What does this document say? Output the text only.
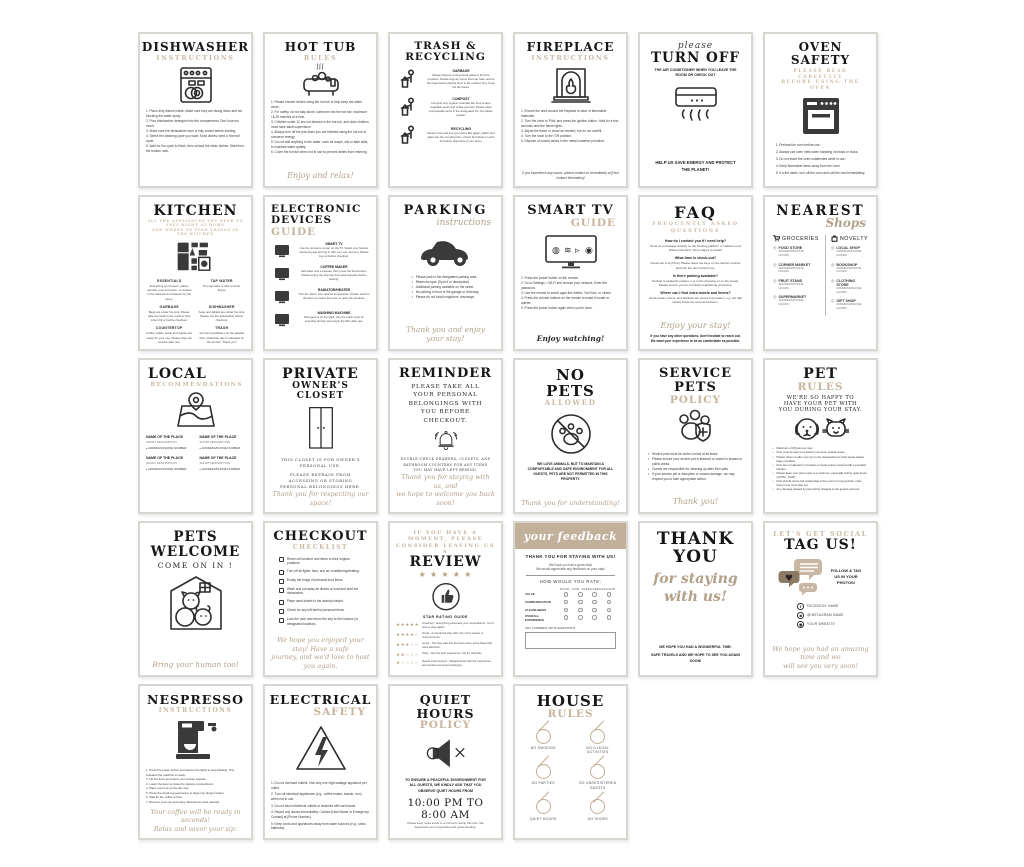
DISHWASHER
INSTRUCTIONS
1. Place dirty dishes inside. Make sure they are facing down and not blocking the water spray.
2. Pour dishwasher detergent into the compartment. Don't use too much.
3. Make sure the dishwasher door is fully closed before starting.
4. Select the cleaning cycle you want. Most dishes need a 'Normal' cycle.
5. Wait for the cycle to finish, then unload the clean dishes. Start from the bottom rack.
HOT TUB
RULES
∫∫∫
1. Please shower before using the hot tub to help keep the water clean.
2. For safety, do not stay alone; someone into the hot tub: maximum 15-20 minutes at a time.
3. Children under 12 are not allowed in the hot tub, and older children must have adult supervision.
4. Always turn off the jets when you are finished using the hot tub to conserve energy.
5. Do not add anything to the water, such as soaps, oils or bath salts, to maintain water quality.
6. Cover the hot tub when not in use to prevent debris from entering.
Enjoy and relax!
TRASH &
RECYCLING
GARBAGE

Please dispose of all general waste in the bins provided. Double-bag any items that may leak, and tie the bags before placing them in the outdoor bins. Keep the lid closed.

COMPOST

Compost only organic materials like food scraps, vegetable peels and coffee grounds. Please place compostable items in the designated bin. No plastic, please!

RECYCLING

Please rinse and sort your items like paper, plastic and glass into the recycling bins. Check the labels on each bin before disposing of your items.

FIREPLACE
INSTRUCTIONS
1. Ensure the area around the fireplace is clear of flammable materials.
2. Turn the knob to 'Pilot' and press the ignition button. Hold for a few seconds until the flame lights.
3. Adjust the flame or wood as needed, but do not overfill.
4. Turn the knob to the 'Off' position.
5. Dispose of cooled ashes in the metal container provided.
If you experience any issues, please contact us immediately at [Host Contact Information].
please
TURN OFF
THE AIR CONDITIONER WHEN YOU LEAVE THE ROOM OR CHECK OUT
HELP US SAVE ENERGY AND PROTECT THE PLANET!
OVEN SAFETY
PLEASE READ CAREFULLY
BEFORE USING THE OVEN
1. Preheat the oven before use.
2. Always use oven mitts when handling hot trays or racks.
3. Do not leave the oven unattended while in use.
4. Keep flammable items away from the oven.
5. If a fire starts, turn off the oven and call the host immediately.
KITCHEN
ALL THE APPLIANCES YOU NEED TO FEEL RIGHT AT HOME
AND WHERE TO FIND THINGS IN THE KITCHEN
ESSENTIALS

Everything you'll need - plates, utensils, pots and pans - is located in the cabinets and drawers by the stove.

TAP WATER

The tap water is safe to drink. Enjoy!

GARBAGE

Bags are under the sink. Please take the trash to the outdoor bins when full or before checkout.

DISHWASHER

Soap and tablets are under the sink. Please run the dishwasher before checkout.

COUNTERTOP

Coffee maker, kettle and toaster are ready for your use. Please wipe the counter after use.

TRASH

Sort all recyclables into the labeled bins. Collection day is indicated on the bin lids. Thank you!

ELECTRONIC
DEVICES
GUIDE
SMART TV

Use the remote to power on the TV. Select your favorite streaming app and log in with your own account. Please log out before checkout.

COFFEE MAKER

Add water and a capsule, then press the brew button. Please empty the drip tray and used capsules before leaving.

RADIATOR/HEATER

Turn the dial to your desired temperature. Please switch it off when you leave the room or open the windows.

WASHING MACHINE

Detergent is on the shelf. Use the quick cycle for everyday laundry and empty the filter after use.

PARKING
instructions
• Please park in the designated parking area.
• Reserved spot: [Spot # or description].
• Additional parking available on the street.
• No parking in front of the garage or driveway.
• Please do not block neighbors' driveways.
Thank you and enjoy
your stay!
SMART TV
GUIDE
◍ ≋ ▹ ◉
1. Press the power button on the remote.
2. Go to Settings > Wi-Fi and choose your network. Enter the password.
3. Use the remote to select apps like Netflix, YouTube, or others.
4. Press the volume buttons on the remote to make it louder or quieter.
5. Press the power button again when you're done.
Enjoy watching!
FAQ
FREQUENTLY ASKED QUESTIONS
How do I contact you if I need help?

Send us a message directly on the booking platform or call/text us at [Phone Number]. We're happy to assist!

What time is check-out?

Check-out is at [Time]. Please leave the keys on the kitchen counter and lock the door behind you.

Is there parking available?

Parking is located [Location, e.g. in the driveway or on the street]. Please ensure you do not block neighboring properties.

Where can I find extra towels and linens?

Extra towels, linens, and blankets are stored in [Location, e.g. the hall closet] inside the second bedroom.

Enjoy your stay!
If you have any other questions, don't hesitate to reach out. We want your experience to be as comfortable as possible.
NEAREST
Shops
GROCERIES
◎ FOOD STORE
ADDRESS/PHONE
HOURS
◎ CORNER MARKET
ADDRESS/PHONE
HOURS
◎ FRUIT STAND
ADDRESS/PHONE
HOURS
◎ SUPERMARKET
ADDRESS/PHONE
HOURS
NOVELTY
◎ LOCAL SHOP
ADDRESS/PHONE
HOURS
◎ BOOKSHOP
ADDRESS/PHONE
HOURS
◎ CLOTHING STORE
ADDRESS/PHONE
HOURS
◎ GIFT SHOP
ADDRESS/PHONE
HOURS
LOCAL
RECOMMENDATIONS
NAME OF THE PLACE
SHORT DESCRIPTION
● ADDRESS/PHONE NUMBER
NAME OF THE PLACE
SHORT DESCRIPTION
● ADDRESS/PHONE NUMBER
NAME OF THE PLACE
SHORT DESCRIPTION
● ADDRESS/PHONE NUMBER
NAME OF THE PLACE
SHORT DESCRIPTION
● ADDRESS/PHONE NUMBER
PRIVATE
OWNER'S CLOSET
THIS CLOSET IS FOR OWNER'S PERSONAL USE.
PLEASE REFRAIN FROM ACCESSING OR STORING PERSONAL BELONGINGS HERE.
Thank you for respecting our space!
REMINDER
PLEASE TAKE ALL YOUR PERSONAL BELONGINGS WITH YOU BEFORE CHECKOUT.
DOUBLE-CHECK DRAWERS, CLOSETS, AND BATHROOM COUNTERS FOR ANY ITEMS YOU MAY HAVE LEFT BEHIND.
Thank you for staying with us, and
we hope to welcome you back soon!
NO
PETS
ALLOWED
WE LOVE ANIMALS, BUT TO MAINTAIN A COMFORTABLE AND SAFE ENVIRONMENT FOR ALL GUESTS, PETS ARE NOT PERMITTED IN THIS PROPERTY.
Thank you for understanding!
SERVICE
PETS
POLICY
• Service pets must be under control at all times.
• Please ensure your service pet is leashed or crated in shared or public areas.
• Guests are responsible for cleaning up after their pets.
• If your service pet is disruptive or causes damage, we may request you to take appropriate action.
Thank you!
PET
RULES
WE'RE SO HAPPY TO
HAVE YOUR PET WITH
YOU DURING YOUR STAY.
• Maximum of [#] pets per stay.
• Pets must be kept on a leash in common outside areas.
• Please clean up after your pet in the designated pet relief areas (waste bags provided).
• Pets are not allowed on furniture or beds unless covered with a provided blanket.
• Please keep your pet's noise to a minimum, especially during quiet hours (10 PM - 8 AM).
• Pets should not be left unattended in the room for long periods; crate them if you must step out.
• Any damage caused by pets will be charged to the guest's account.
PETS
WELCOME
COME ON IN !
Bring your human too!
CHECKOUT
CHECKLIST
Return all furniture and items to their original positions.
Turn off all lights, fans, and air conditioning/heating.
Empty the fridge of personal food items.
Wash and put away all dishes or load and start the dishwasher.
Place used towels in the laundry basket.
Check for any left-behind personal items.
Lock the door and return the key to the lockbox (or designated location).
We hope you enjoyed your stay! Have a safe
journey, and we'd love to host you again.
IF YOU HAVE A MOMENT, PLEASE
CONSIDER LEAVING US A
REVIEW
★ ★ ★ ★ ★
STAR RATING GUIDE
★★★★★ Amazing! - Everything exceeded your expectations. You'd love to stay again!
★★★★☆ Great - A wonderful stay with only minor issues or improvements.
★★★☆☆ Good - The stay was fine but there were some flaws that need attention.
★★☆☆☆ Okay - Not the best experience, but it's tolerable.
★☆☆☆☆ Needs improvement - Disappointed with the experience and would recommend changes.
your feedback
THANK YOU FOR STAYING WITH US!
We hope you had a great stay!
We would appreciate any feedback on your stay!
HOW WOULD YOU RATE:
POOR	FAIR AVERAGE EXCELLENT
VALUE
COMMUNICATION
CLEANLINESS
OVERALL EXPERIENCE
ANY COMMENT OR SUGGESTION?
THANK
YOU
for staying
with us!
WE HOPE YOU HAD A WONDERFUL TIME.
SAFE TRAVELS AND WE HOPE TO SEE YOU AGAIN SOON!
LET'S GET SOCIAL
TAG US!
♥
FOLLOW & TAG US IN YOUR PHOTOS!
f	FACEBOOK NAME
◙	@INSTAGRAM NAME
◉	YOUR WEBSITE
We hope you had an amazing time and we
will see you very soon!
NESPRESSO
INSTRUCTIONS
1. Press the power button and wait for the lights to stop blinking. This indicates the machine is ready.
2. Lift the lever and insert your chosen capsule.
3. Lower the lever to close the capsule compartment.
4. Place your cup on the drip tray.
5. Press the small cup (espresso) or large cup (lungo) button.
6. Wait for the coffee to flow.
7. Remove your cup and enjoy. Discard the used capsule.
Your coffee will be ready in seconds!
Relax and savor your sip.
ELECTRICAL
SAFETY
1. Do not overload outlets. Use only one high-wattage appliance per outlet.
2. Turn off electrical appliances (e.g., coffee maker, toaster, iron) when not in use.
3. Do not touch electrical outlets or switches with wet hands.
4. Report any issues immediately. Contact [Host Name or Emergency Contact] at [Phone Number].
5. Keep cords and appliances away from water sources (e.g., sinks, bathtubs).
QUIET HOURS
POLICY
TO ENSURE A PEACEFUL ENVIRONMENT FOR
ALL GUESTS, WE KINDLY ASK THAT YOU
OBSERVE QUIET HOURS FROM
10:00 PM TO 8:00 AM
Please keep noise levels to a minimum during this time. We
appreciate your cooperation and understanding.
HOUSE
RULES
NO SMOKING	NO ILLEGAL ACTIVITIES
NO PARTIES	NO UNREGISTERED GUESTS
QUIET HOURS	NO SHOES
